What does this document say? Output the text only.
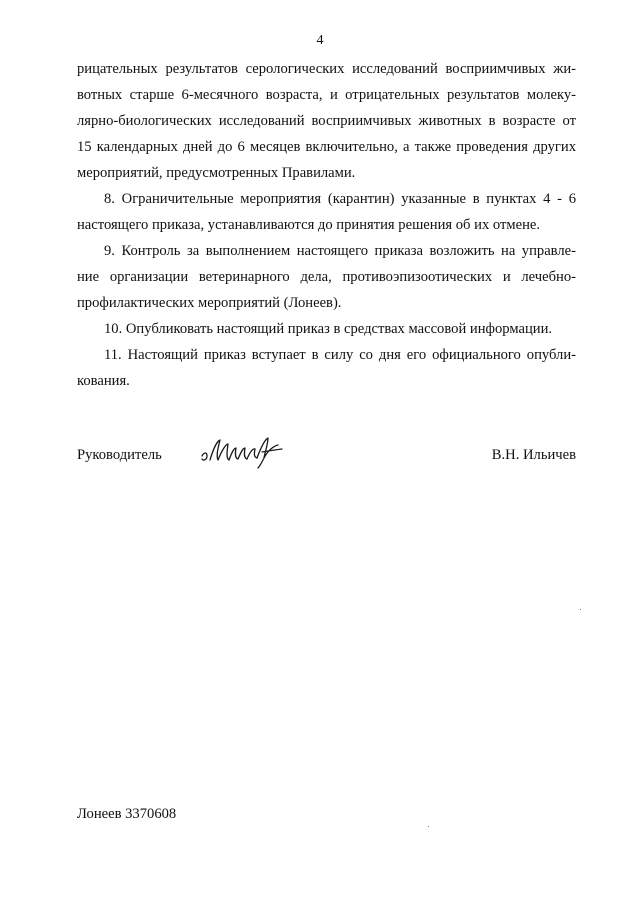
4
рицательных результатов серологических исследований восприимчивых жи-
вотных старше 6-месячного возраста, и отрицательных результатов молеку-
лярно-биологических исследований восприимчивых животных в возрасте от
15 календарных дней до 6 месяцев включительно, а также проведения других
мероприятий, предусмотренных Правилами.
8. Ограничительные мероприятия (карантин) указанные в пунктах 4 - 6
настоящего приказа, устанавливаются до принятия решения об их отмене.
9. Контроль за выполнением настоящего приказа возложить на управле-
ние организации ветеринарного дела, противоэпизоотических и лечебно-
профилактических мероприятий (Лонеев).
10. Опубликовать настоящий приказ в средствах массовой информации.
11. Настоящий приказ вступает в силу со дня его официального опубли-
кования.
Руководитель	В.Н. Ильичев
Лонеев 3370608
